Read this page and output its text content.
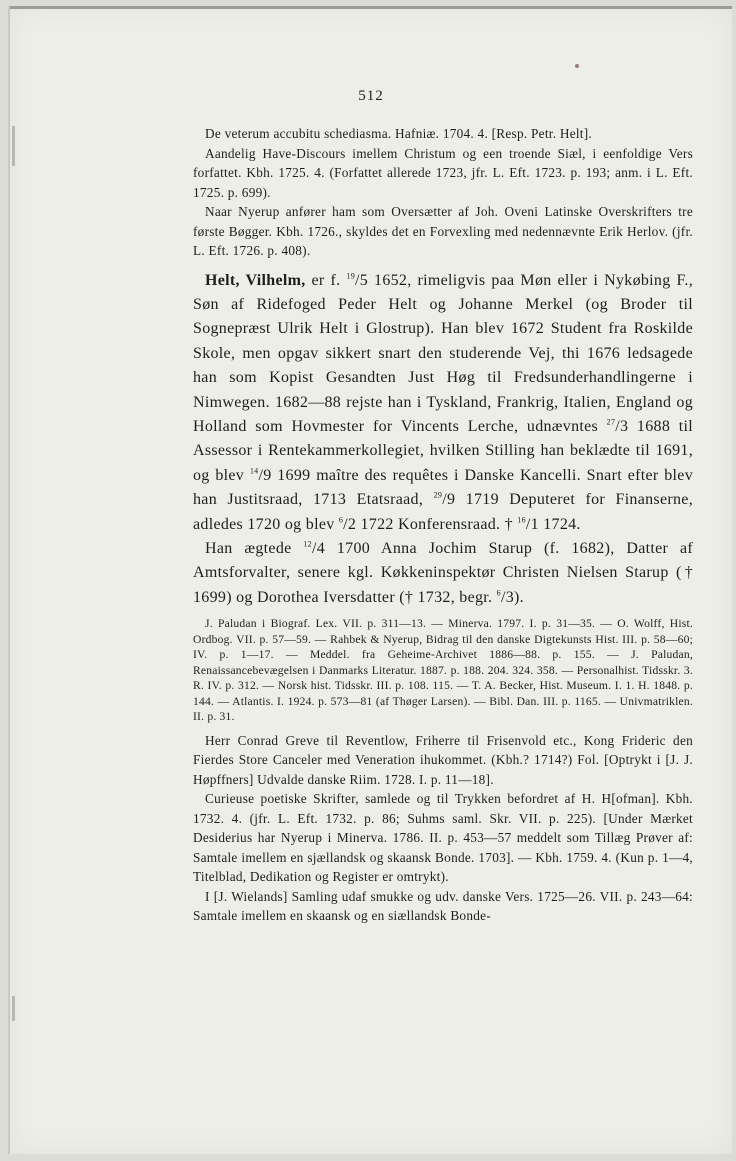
512

De veterum accubitu schediasma. Hafniæ. 1704. 4. [Resp. Petr. Helt].

Aandelig Have-Discours imellem Christum og een troende Siæl, i eenfoldige Vers forfattet. Kbh. 1725. 4. (Forfattet allerede 1723, jfr. L. Eft. 1723. p. 193; anm. i L. Eft. 1725. p. 699).

Naar Nyerup anfører ham som Oversætter af Joh. Oveni Latinske Overskrifters tre første Bøgger. Kbh. 1726., skyldes det en Forvexling med nedennævnte Erik Herlov. (jfr. L. Eft. 1726. p. 408).

Helt, Vilhelm, er f. $^{19}$/5 1652, rimeligvis paa Møn eller i Nykøbing F., Søn af Ridefoged Peder Helt og Johanne Merkel (og Broder til Sognepræst Ulrik Helt i Glostrup). Han blev 1672 Student fra Roskilde Skole, men opgav sikkert snart den studerende Vej, thi 1676 ledsagede han som Kopist Gesandten Just Høg til Fredsunderhandlingerne i Nimwegen. 1682—88 rejste han i Tyskland, Frankrig, Italien, England og Holland som Hovmester for Vincents Lerche, udnævntes $^{27}$/3 1688 til Assessor i Rentekammerkollegiet, hvilken Stilling han beklædte til 1691, og blev $^{14}$/9 1699 maître des requêtes i Danske Kancelli. Snart efter blev han Justitsraad, 1713 Etatsraad, $^{29}$/9 1719 Deputeret for Finanserne, adledes 1720 og blev $^6$/2 1722 Konferensraad. † $^{16}$/1 1724.

Han ægtede $^{12}$/4 1700 Anna Jochim Starup (f. 1682), Datter af Amtsforvalter, senere kgl. Køkkeninspektør Christen Nielsen Starup († 1699) og Dorothea Iversdatter († 1732, begr. $^6$/3).

J. Paludan i Biograf. Lex. VII. p. 311—13. — Minerva. 1797. I. p. 31—35. — O. Wolff, Hist. Ordbog. VII. p. 57—59. — Rahbek & Nyerup, Bidrag til den danske Digtekunsts Hist. III. p. 58—60; IV. p. 1—17. — Meddel. fra Geheime-Archivet 1886—88. p. 155. — J. Paludan, Renaissancebevægelsen i Danmarks Literatur. 1887. p. 188. 204. 324. 358. — Personalhist. Tidsskr. 3. R. IV. p. 312. — Norsk hist. Tidsskr. III. p. 108. 115. — T. A. Becker, Hist. Museum. I. 1. H. 1848. p. 144. — Atlantis. I. 1924. p. 573—81 (af Thøger Larsen). — Bibl. Dan. III. p. 1165. — Univmatriklen. II. p. 31.

Herr Conrad Greve til Reventlow, Friherre til Frisenvold etc., Kong Frideric den Fierdes Store Canceler med Veneration ihukommet. (Kbh.? 1714?) Fol. [Optrykt i [J. J. Høpffners] Udvalde danske Riim. 1728. I. p. 11—18].

Curieuse poetiske Skrifter, samlede og til Trykken befordret af H. H[ofman]. Kbh. 1732. 4. (jfr. L. Eft. 1732. p. 86; Suhms saml. Skr. VII. p. 225). [Under Mærket Desiderius har Nyerup i Minerva. 1786. II. p. 453—57 meddelt som Tillæg Prøver af: Samtale imellem en sjællandsk og skaansk Bonde. 1703]. — Kbh. 1759. 4. (Kun p. 1—4, Titelblad, Dedikation og Register er omtrykt).

I [J. Wielands] Samling udaf smukke og udv. danske Vers. 1725—26. VII. p. 243—64: Samtale imellem en skaansk og en siællandsk Bonde-
